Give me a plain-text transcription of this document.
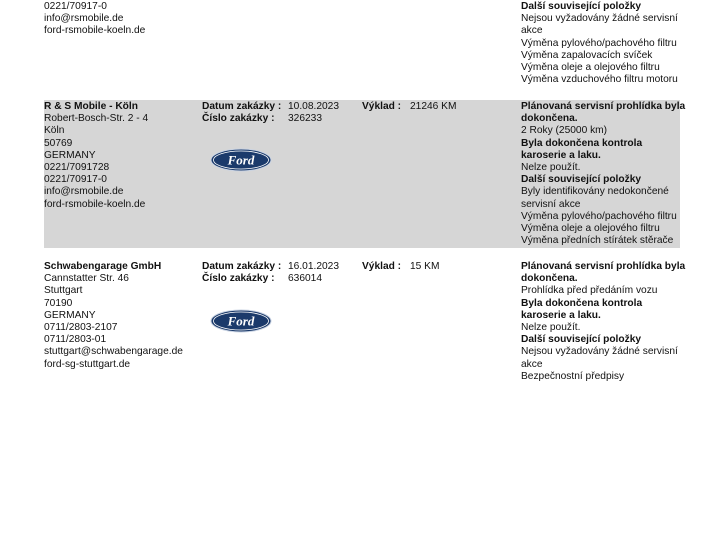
0221/70917-0
info@rsmobile.de
ford-rsmobile-koeln.de
Další související položky
Nejsou vyžadovány žádné servisní
akce
Výměna pylového/pachového filtru
Výměna zapalovacích svíček
Výměna oleje a olejového filtru
Výměna vzduchového filtru motoru
R & S Mobile - Köln
Robert-Bosch-Str. 2 - 4
Köln
50769
GERMANY
0221/7091728
0221/70917-0
info@rsmobile.de
ford-rsmobile-koeln.de
Datum zakázky : 10.08.2023
Číslo zakázky :	326233
Výklad : 21246 KM
Ford
Plánovaná servisní prohlídka byla
dokončena.
2 Roky (25000 km)
Byla dokončena kontrola
karoserie a laku.
Nelze použít.
Další související položky
Byly identifikovány nedokončené
servisní akce
Výměna pylového/pachového filtru
Výměna oleje a olejového filtru
Výměna předních stírátek stěrače
Schwabengarage GmbH
Cannstatter Str. 46
Stuttgart
70190
GERMANY
0711/2803-2107
0711/2803-01
stuttgart@schwabengarage.de
ford-sg-stuttgart.de
Datum zakázky : 16.01.2023
Číslo zakázky :	636014
Výklad : 15 KM
Ford
Plánovaná servisní prohlídka byla
dokončena.
Prohlídka před předáním vozu
Byla dokončena kontrola
karoserie a laku.
Nelze použít.
Další související položky
Nejsou vyžadovány žádné servisní
akce
Bezpečnostní předpisy
